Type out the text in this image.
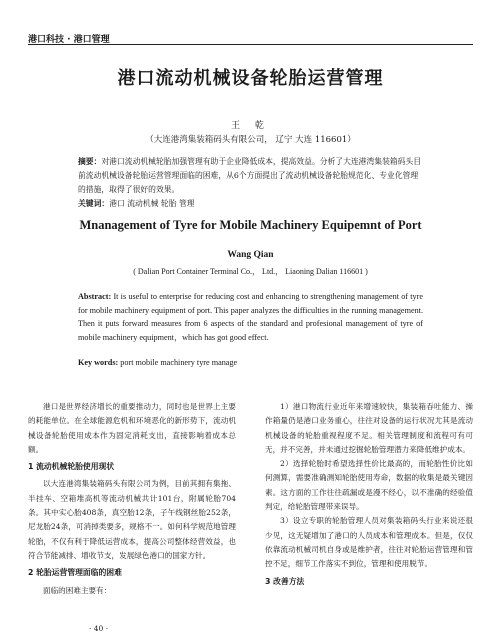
港口科技 · 港口管理
港口流动机械设备轮胎运营管理
王 乾
（大连港湾集装箱码头有限公司， 辽宁 大连 116601）
摘要：对港口流动机械轮胎加强管理有助于企业降低成本，提高效益。分析了大连港湾集装箱码头目前流动机械设备轮胎运营管理面临的困难，从6个方面提出了流动机械设备轮胎规范化、专业化管理的措施，取得了很好的效果。
关键词：港口 流动机械 轮胎 管理
Mnanagement of Tyre for Mobile Machinery Equipemnt of Port
Wang Qian
( Dalian Port Container Terminal Co.， Ltd.， Liaoning Dalian 116601 )
Abstract: It is useful to enterprise for reducing cost and enhancing to strengthening management of tyre for mobile machinery equipment of port. This paper analyzes the difficulties in the running management. Then it puts forward measures from 6 aspects of the standard and profesional management of tyre of mobile machinery equipment，which has got good effect.
Key words: port mobile machinery tyre manage

港口是世界经济增长的重要推动力，同时也是世界上主要的耗能单位。在全球能源危机和环境恶化的新形势下，流动机械设备轮胎使用成本作为固定消耗支出，直接影响着成本总额。

1 流动机械轮胎使用现状

以大连港湾集装箱码头有限公司为例，目前其拥有集拖、半挂车、空箱堆高机等流动机械共计101台，附属轮胎704条。其中实心胎408条，真空胎12条，子午线钢丝胎252条，尼龙胎24条，可消掉类要多，规格不一。如何科学规范地管理轮胎，不仅有利于降低运营成本，提高公司整体经营效益，也符合节能减排、增收节支，发展绿色港口的国家方针。

2 轮胎运营管理面临的困难

面临的困难主要有：

1）港口物流行业近年来增速较快，集装箱吞吐能力、操作箱量仍是港口业务重心，往往对设备的运行状况尤其是流动机械设备的轮胎重视程度不足。相关管理制度和流程可有可无，并不完善，并未通过挖掘轮胎管理潜力来降低维护成本。

2）选择轮胎时希望选择性价比最高的，而轮胎性价比如何测算，需要准确测知轮胎使用寿命，数据的收集是最关键因素。这方面的工作往往疏漏或是漫不经心，以不准确的经验值判定，给轮胎管理带来误导。

3）设立专职的轮胎管理人员对集装箱码头行业来说还很少见，这无疑增加了港口的人员成本和管理成本。但是，仅仅依靠流动机械司机自身或是维护者，往往对轮胎运营管理和管控不足，细节工作落实不到位，管理和使用脱节。

3 改善方法
· 40 ·
